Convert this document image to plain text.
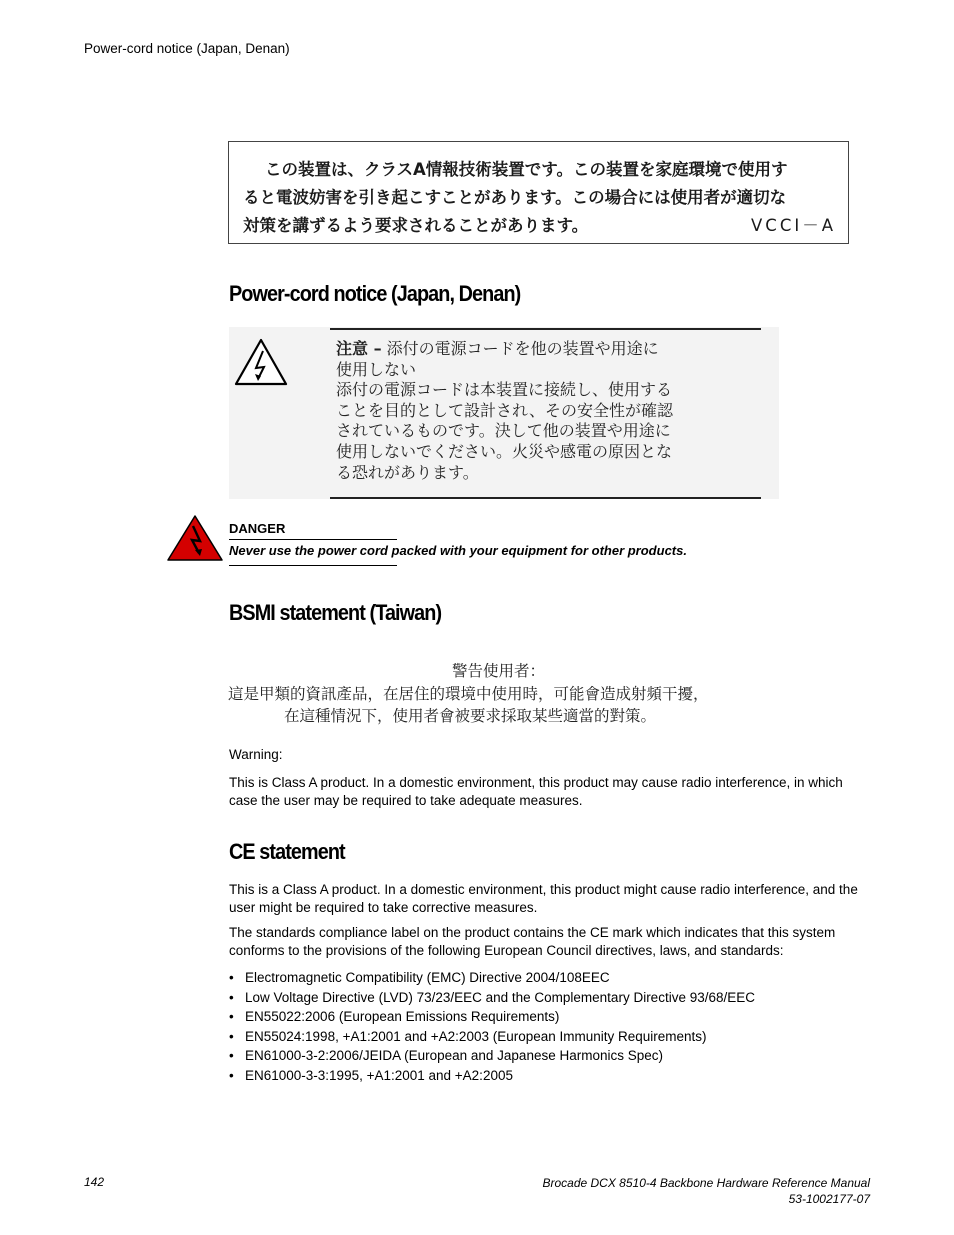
Power-cord notice (Japan, Denan)
この装置は、クラスA情報技術装置です。この装置を家庭環境で使用す
ると電波妨害を引き起こすことがあります。この場合には使用者が適切な
対策を講ずるよう要求されることがあります。	VCCI－A
Power-cord notice (Japan, Denan)
注意 – 添付の電源コードを他の装置や用途に
使用しない
添付の電源コードは本装置に接続し、使用する
ことを目的として設計され、その安全性が確認
されているものです。決して他の装置や用途に
使用しないでください。火災や感電の原因とな
る恐れがあります。
DANGER
Never use the power cord packed with your equipment for other products.
BSMI statement (Taiwan)
警告使用者：
這是甲類的資訊產品，在居住的環境中使用時，可能會造成射頻干擾，
在這種情況下，使用者會被要求採取某些適當的對策。
Warning:
This is Class A product. In a domestic environment, this product may cause radio interference, in which case the user may be required to take adequate measures.
CE statement
This is a Class A product. In a domestic environment, this product might cause radio interference, and the user might be required to take corrective measures.
The standards compliance label on the product contains the CE mark which indicates that this system conforms to the provisions of the following European Council directives, laws, and standards:
• Electromagnetic Compatibility (EMC) Directive 2004/108EEC
• Low Voltage Directive (LVD) 73/23/EEC and the Complementary Directive 93/68/EEC
• EN55022:2006 (European Emissions Requirements)
• EN55024:1998, +A1:2001 and +A2:2003 (European Immunity Requirements)
• EN61000-3-2:2006/JEIDA (European and Japanese Harmonics Spec)
• EN61000-3-3:1995, +A1:2001 and +A2:2005
142	Brocade DCX 8510-4 Backbone Hardware Reference Manual
53-1002177-07
